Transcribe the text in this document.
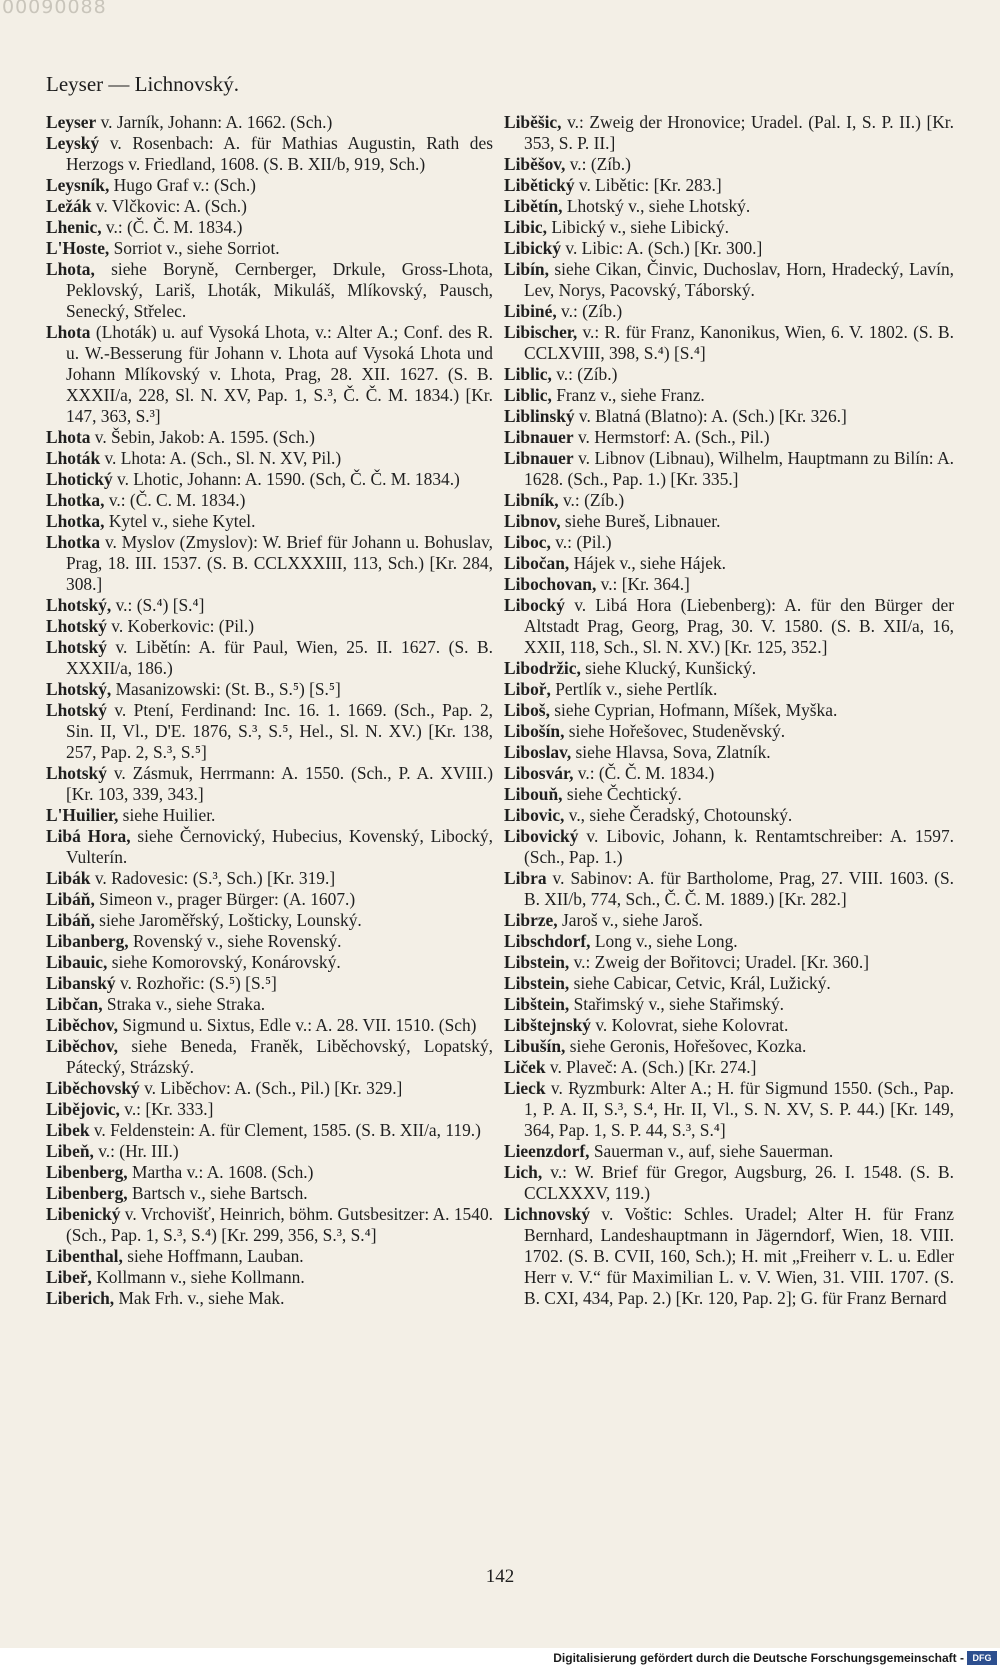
00090088
Leyser — Lichnovský.

Leyser v. Jarník, Johann: A. 1662. (Sch.)

Leyský v. Rosenbach: A. für Mathias Augustin, Rath des Herzogs v. Friedland, 1608. (S. B. XII/b, 919, Sch.)

Leysník, Hugo Graf v.: (Sch.)

Ležák v. Vlčkovic: A. (Sch.)

Lhenic, v.: (Č. Č. M. 1834.)

L'Hoste, Sorriot v., siehe Sorriot.

Lhota, siehe Boryně, Cernberger, Drkule, Gross-Lhota, Peklovský, Lariš, Lhoták, Mikuláš, Mlíkovský, Pausch, Senecký, Střelec.

Lhota (Lhoták) u. auf Vysoká Lhota, v.: Alter A.; Conf. des R. u. W.-Besserung für Johann v. Lhota auf Vysoká Lhota und Johann Mlíkovský v. Lhota, Prag, 28. XII. 1627. (S. B. XXXII/a, 228, Sl. N. XV, Pap. 1, S.³, Č. Č. M. 1834.) [Kr. 147, 363, S.³]

Lhota v. Šebin, Jakob: A. 1595. (Sch.)

Lhoták v. Lhota: A. (Sch., Sl. N. XV, Pil.)

Lhotický v. Lhotic, Johann: A. 1590. (Sch, Č. Č. M. 1834.)

Lhotka, v.: (Č. C. M. 1834.)

Lhotka, Kytel v., siehe Kytel.

Lhotka v. Myslov (Zmyslov): W. Brief für Johann u. Bohuslav, Prag, 18. III. 1537. (S. B. CCLXXXIII, 113, Sch.) [Kr. 284, 308.]

Lhotský, v.: (S.⁴) [S.⁴]

Lhotský v. Koberkovic: (Pil.)

Lhotský v. Libětín: A. für Paul, Wien, 25. II. 1627. (S. B. XXXII/a, 186.)

Lhotský, Masanizowski: (St. B., S.⁵) [S.⁵]

Lhotský v. Ptení, Ferdinand: Inc. 16. 1. 1669. (Sch., Pap. 2, Sin. II, Vl., D'E. 1876, S.³, S.⁵, Hel., Sl. N. XV.) [Kr. 138, 257, Pap. 2, S.³, S.⁵]

Lhotský v. Zásmuk, Herrmann: A. 1550. (Sch., P. A. XVIII.) [Kr. 103, 339, 343.]

L'Huilier, siehe Huilier.

Libá Hora, siehe Černovický, Hubecius, Kovenský, Libocký, Vulterín.

Libák v. Radovesic: (S.³, Sch.) [Kr. 319.]

Libáň, Simeon v., prager Bürger: (A. 1607.)

Libáň, siehe Jaroměřský, Lošticky, Lounský.

Libanberg, Rovenský v., siehe Rovenský.

Libauic, siehe Komorovský, Konárovský.

Libanský v. Rozhořic: (S.⁵) [S.⁵]

Libčan, Straka v., siehe Straka.

Liběchov, Sigmund u. Sixtus, Edle v.: A. 28. VII. 1510. (Sch)

Liběchov, siehe Beneda, Franěk, Liběchovský, Lopatský, Pátecký, Strázský.

Liběchovský v. Liběchov: A. (Sch., Pil.) [Kr. 329.]

Libějovic, v.: [Kr. 333.]

Libek v. Feldenstein: A. für Clement, 1585. (S. B. XII/a, 119.)

Libeň, v.: (Hr. III.)

Libenberg, Martha v.: A. 1608. (Sch.)

Libenberg, Bartsch v., siehe Bartsch.

Libenický v. Vrchovišť, Heinrich, böhm. Gutsbesitzer: A. 1540. (Sch., Pap. 1, S.³, S.⁴) [Kr. 299, 356, S.³, S.⁴]

Libenthal, siehe Hoffmann, Lauban.

Libeř, Kollmann v., siehe Kollmann.

Liberich, Mak Frh. v., siehe Mak.

Liběšic, v.: Zweig der Hronovice; Uradel. (Pal. I, S. P. II.) [Kr. 353, S. P. II.]

Liběšov, v.: (Zíb.)

Libětický v. Libětic: [Kr. 283.]

Libětín, Lhotský v., siehe Lhotský.

Libic, Libický v., siehe Libický.

Libický v. Libic: A. (Sch.) [Kr. 300.]

Libín, siehe Cikan, Činvic, Duchoslav, Horn, Hradecký, Lavín, Lev, Norys, Pacovský, Táborský.

Libiné, v.: (Zíb.)

Libischer, v.: R. für Franz, Kanonikus, Wien, 6. V. 1802. (S. B. CCLXVIII, 398, S.⁴) [S.⁴]

Liblic, v.: (Zíb.)

Liblic, Franz v., siehe Franz.

Liblinský v. Blatná (Blatno): A. (Sch.) [Kr. 326.]

Libnauer v. Hermstorf: A. (Sch., Pil.)

Libnauer v. Libnov (Libnau), Wilhelm, Hauptmann zu Bilín: A. 1628. (Sch., Pap. 1.) [Kr. 335.]

Libník, v.: (Zíb.)

Libnov, siehe Bureš, Libnauer.

Liboc, v.: (Pil.)

Libočan, Hájek v., siehe Hájek.

Libochovan, v.: [Kr. 364.]

Libocký v. Libá Hora (Liebenberg): A. für den Bürger der Altstadt Prag, Georg, Prag, 30. V. 1580. (S. B. XII/a, 16, XXII, 118, Sch., Sl. N. XV.) [Kr. 125, 352.]

Libodržic, siehe Klucký, Kunšický.

Liboř, Pertlík v., siehe Pertlík.

Liboš, siehe Cyprian, Hofmann, Míšek, Myška.

Libošín, siehe Hořešovec, Studeněvský.

Liboslav, siehe Hlavsa, Sova, Zlatník.

Libosvár, v.: (Č. Č. M. 1834.)

Libouň, siehe Čechtický.

Libovic, v., siehe Čeradský, Chotounský.

Libovický v. Libovic, Johann, k. Rentamtschreiber: A. 1597. (Sch., Pap. 1.)

Libra v. Sabinov: A. für Bartholome, Prag, 27. VIII. 1603. (S. B. XII/b, 774, Sch., Č. Č. M. 1889.) [Kr. 282.]

Librze, Jaroš v., siehe Jaroš.

Libschdorf, Long v., siehe Long.

Libstein, v.: Zweig der Bořitovci; Uradel. [Kr. 360.]

Libstein, siehe Cabicar, Cetvic, Král, Lužický.

Libštein, Stařimský v., siehe Stařimský.

Libštejnský v. Kolovrat, siehe Kolovrat.

Libušín, siehe Geronis, Hořešovec, Kozka.

Liček v. Plaveč: A. (Sch.) [Kr. 274.]

Lieck v. Ryzmburk: Alter A.; H. für Sigmund 1550. (Sch., Pap. 1, P. A. II, S.³, S.⁴, Hr. II, Vl., S. N. XV, S. P. 44.) [Kr. 149, 364, Pap. 1, S. P. 44, S.³, S.⁴]

Lieenzdorf, Sauerman v., auf, siehe Sauerman.

Lich, v.: W. Brief für Gregor, Augsburg, 26. I. 1548. (S. B. CCLXXXV, 119.)

Lichnovský v. Voštic: Schles. Uradel; Alter H. für Franz Bernhard, Landeshauptmann in Jägerndorf, Wien, 18. VIII. 1702. (S. B. CVII, 160, Sch.); H. mit „Freiherr v. L. u. Edler Herr v. V.“ für Maximilian L. v. V. Wien, 31. VIII. 1707. (S. B. CXI, 434, Pap. 2.) [Kr. 120, Pap. 2]; G. für Franz Bernard

142
Digitalisierung gefördert durch die Deutsche Forschungsgemeinschaft - DFG
